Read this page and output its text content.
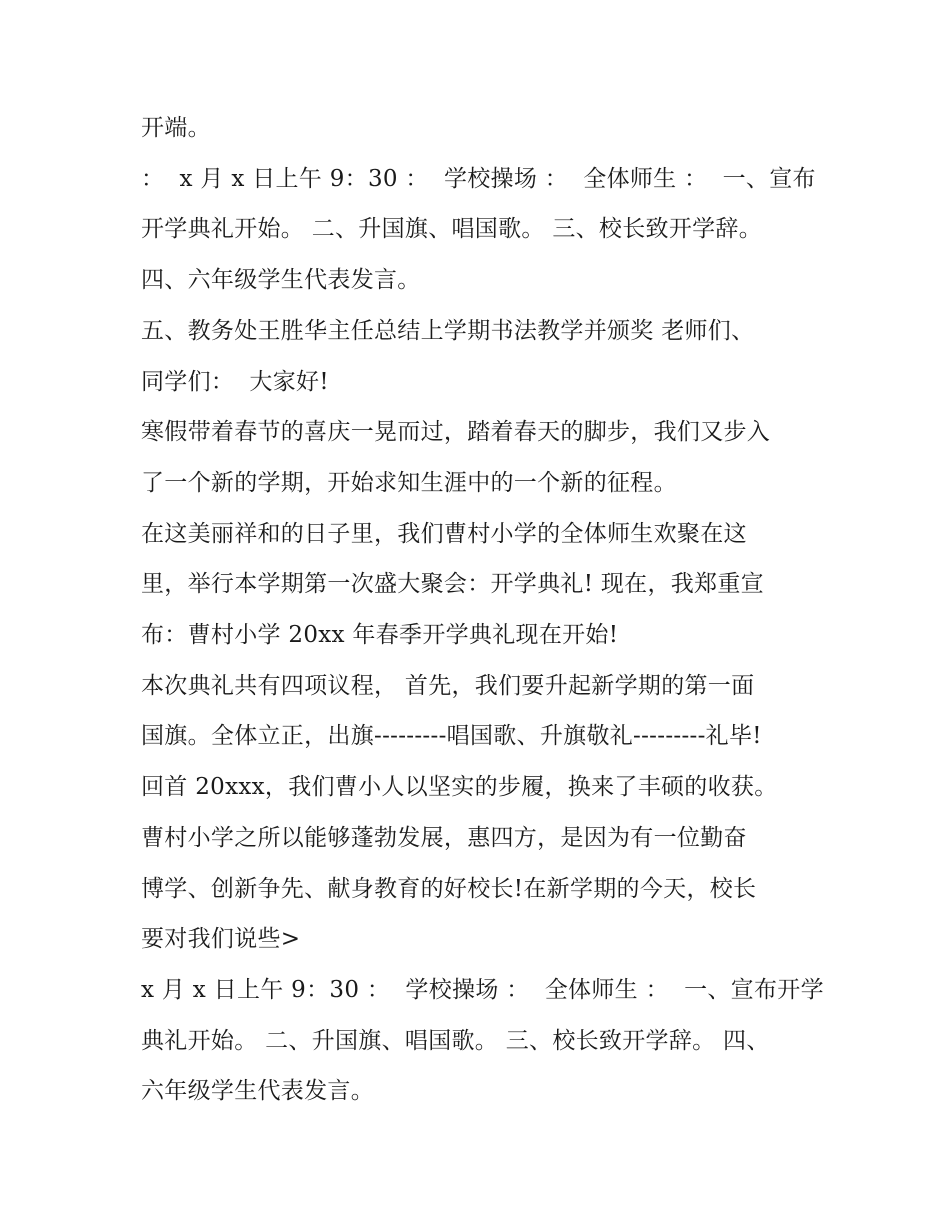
开端。
：  x 月 x 日上午 9：30 ：  学校操场 ：  全体师生 ：  一、宣布
开学典礼开始。 二、升国旗、唱国歌。 三、校长致开学辞。
四、六年级学生代表发言。
五、教务处王胜华主任总结上学期书法教学并颁奖 老师们、
同学们：  大家好!
寒假带着春节的喜庆一晃而过，踏着春天的脚步，我们又步入
了一个新的学期，开始求知生涯中的一个新的征程。
在这美丽祥和的日子里，我们曹村小学的全体师生欢聚在这
里，举行本学期第一次盛大聚会：开学典礼! 现在，我郑重宣
布：曹村小学 20xx 年春季开学典礼现在开始!
本次典礼共有四项议程， 首先，我们要升起新学期的第一面
国旗。全体立正，出旗---------唱国歌、升旗敬礼---------礼毕!
回首 20xxx，我们曹小人以坚实的步履，换来了丰硕的收获。
曹村小学之所以能够蓬勃发展，惠四方，是因为有一位勤奋
博学、创新争先、献身教育的好校长!在新学期的今天，校长
要对我们说些>
x 月 x 日上午 9：30 ：  学校操场 ：  全体师生 ：  一、宣布开学
典礼开始。 二、升国旗、唱国歌。 三、校长致开学辞。 四、
六年级学生代表发言。
